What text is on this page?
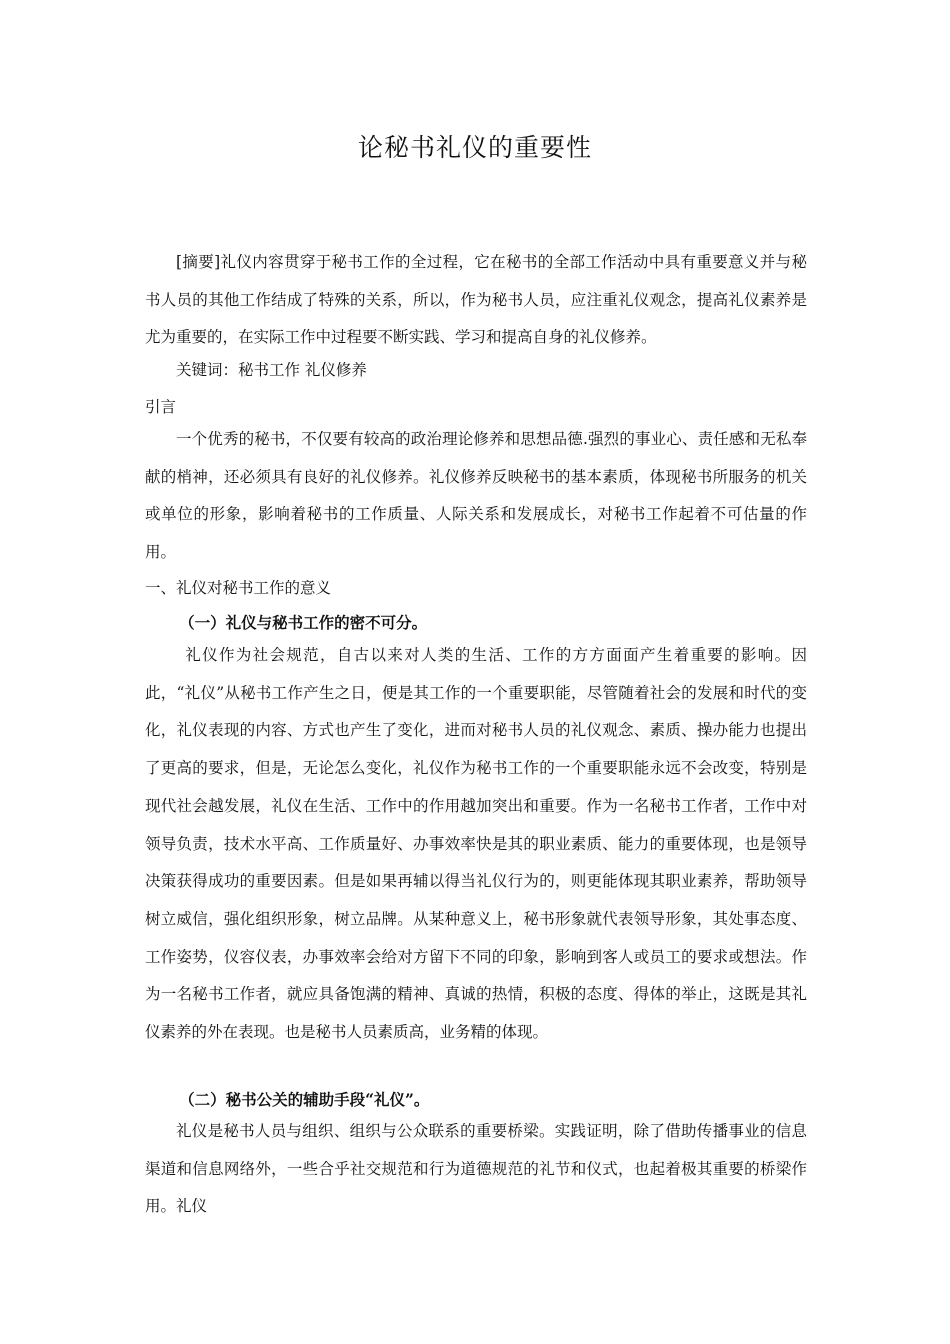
论秘书礼仪的重要性

[摘要]礼仪内容贯穿于秘书工作的全过程，它在秘书的全部工作活动中具有重要意义并与秘书人员的其他工作结成了特殊的关系，所以，作为秘书人员，应注重礼仪观念，提高礼仪素养是尤为重要的，在实际工作中过程要不断实践、学习和提高自身的礼仪修养。

关键词：秘书工作 礼仪修养

引言

一个优秀的秘书，不仅要有较高的政治理论修养和思想品德.强烈的事业心、责任感和无私奉献的梢神，还必须具有良好的礼仪修养。礼仪修养反映秘书的基本素质，体现秘书所服务的机关或单位的形象，影响着秘书的工作质量、人际关系和发展成长，对秘书工作起着不可估量的作用。

一、礼仪对秘书工作的意义

（一）礼仪与秘书工作的密不可分。

礼仪作为社会规范，自古以来对人类的生活、工作的方方面面产生着重要的影响。因此，“礼仪”从秘书工作产生之日，便是其工作的一个重要职能，尽管随着社会的发展和时代的变化，礼仪表现的内容、方式也产生了变化，进而对秘书人员的礼仪观念、素质、操办能力也提出了更高的要求，但是，无论怎么变化，礼仪作为秘书工作的一个重要职能永远不会改变，特别是现代社会越发展，礼仪在生活、工作中的作用越加突出和重要。作为一名秘书工作者，工作中对领导负责，技术水平高、工作质量好、办事效率快是其的职业素质、能力的重要体现，也是领导决策获得成功的重要因素。但是如果再辅以得当礼仪行为的，则更能体现其职业素养，帮助领导树立威信，强化组织形象，树立品牌。从某种意义上，秘书形象就代表领导形象，其处事态度、工作姿势，仪容仪表，办事效率会给对方留下不同的印象，影响到客人或员工的要求或想法。作为一名秘书工作者，就应具备饱满的精神、真诚的热情，积极的态度、得体的举止，这既是其礼仪素养的外在表现。也是秘书人员素质高，业务精的体现。

（二）秘书公关的辅助手段“礼仪”。

礼仪是秘书人员与组织、组织与公众联系的重要桥梁。实践证明，除了借助传播事业的信息渠道和信息网络外，一些合乎社交规范和行为道德规范的礼节和仪式，也起着极其重要的桥梁作用。礼仪
